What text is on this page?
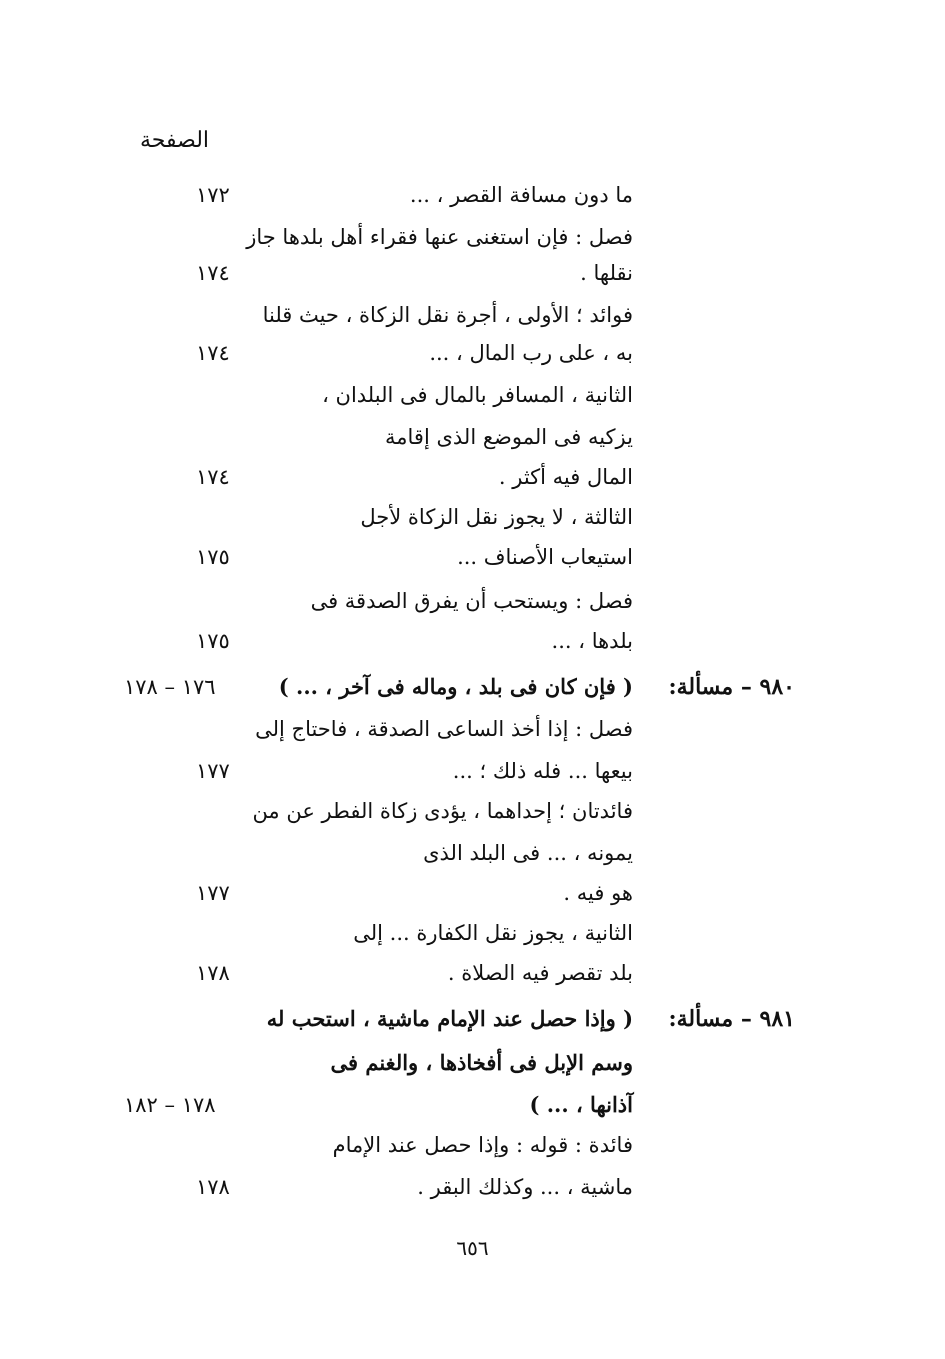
الصفحة
ما دون مسافة القصر ، ...
١٧٢
فصل : فإن استغنى عنها فقراء أهل بلدها جاز
نقلها .
١٧٤
فوائد ؛ الأولى ، أجرة نقل الزكاة ، حيث قلنا
به ، على رب المال ، ...
١٧٤
الثانية ، المسافر بالمال فى البلدان ،
يزكيه فى الموضع الذى إقامة
المال فيه أكثر .
١٧٤
الثالثة ، لا يجوز نقل الزكاة لأجل
استيعاب الأصناف ...
١٧٥
فصل : ويستحب أن يفرق الصدقة فى
بلدها ، ...
١٧٥
( فإن كان فى بلد ، وماله فى آخر ، ... ) ٩٨٠ – مسألة:
١٧٦ – ١٧٨
فصل : إذا أخذ الساعى الصدقة ، فاحتاج إلى
بيعها ... فله ذلك ؛ ...
١٧٧
فائدتان ؛ إحداهما ، يؤدى زكاة الفطر عن من
يمونه ، ... فى البلد الذى
هو فيه .
١٧٧
الثانية ، يجوز نقل الكفارة ... إلى
بلد تقصر فيه الصلاة .
١٧٨
( وإذا حصل عند الإمام ماشية ، استحب له ٩٨١ – مسألة:
وسم الإبل فى أفخاذها ، والغنم فى
آذانها ، ... )
١٧٨ – ١٨٢
فائدة : قوله : وإذا حصل عند الإمام
ماشية ، ... وكذلك البقر .
١٧٨
٦٥٦
